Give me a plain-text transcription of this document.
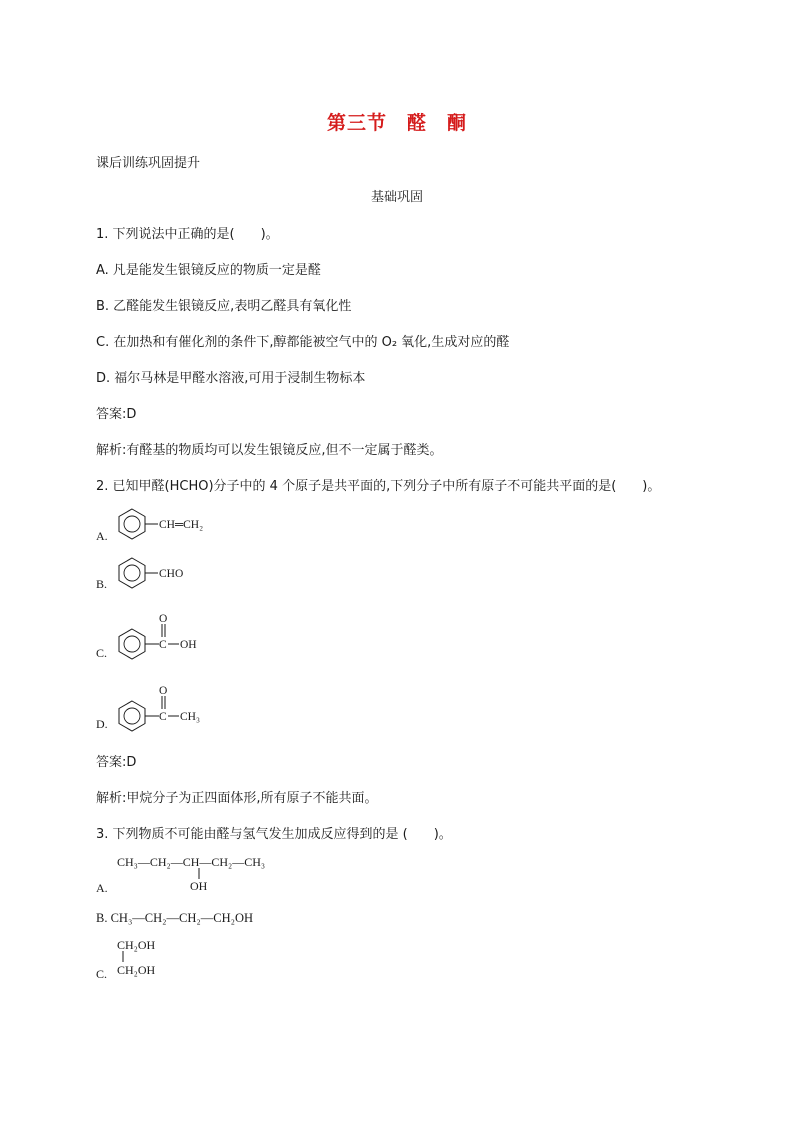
第三节　醛　酮
课后训练巩固提升
基础巩固
1. 下列说法中正确的是(　　)。
A. 凡是能发生银镜反应的物质一定是醛
B. 乙醛能发生银镜反应,表明乙醛具有氧化性
C. 在加热和有催化剂的条件下,醇都能被空气中的 O₂ 氧化,生成对应的醛
D. 福尔马林是甲醛水溶液,可用于浸制生物标本
答案:D
解析:有醛基的物质均可以发生银镜反应,但不一定属于醛类。
2. 已知甲醛(HCHO)分子中的 4 个原子是共平面的,下列分子中所有原子不可能共平面的是(　　)。
A.
CH═CH₂
B.
CHO
C.
C
O
OH
D.	C
O
CH₃
答案:D
解析:甲烷分子为正四面体形,所有原子不能共面。
3. 下列物质不可能由醛与氢气发生加成反应得到的是 (　　)。
A.
CH₃—CH₂—CH—CH₂—CH₃
OH
B. CH₃—CH₂—CH₂—CH₂OH
C.
CH₂OH
CH₂OH
